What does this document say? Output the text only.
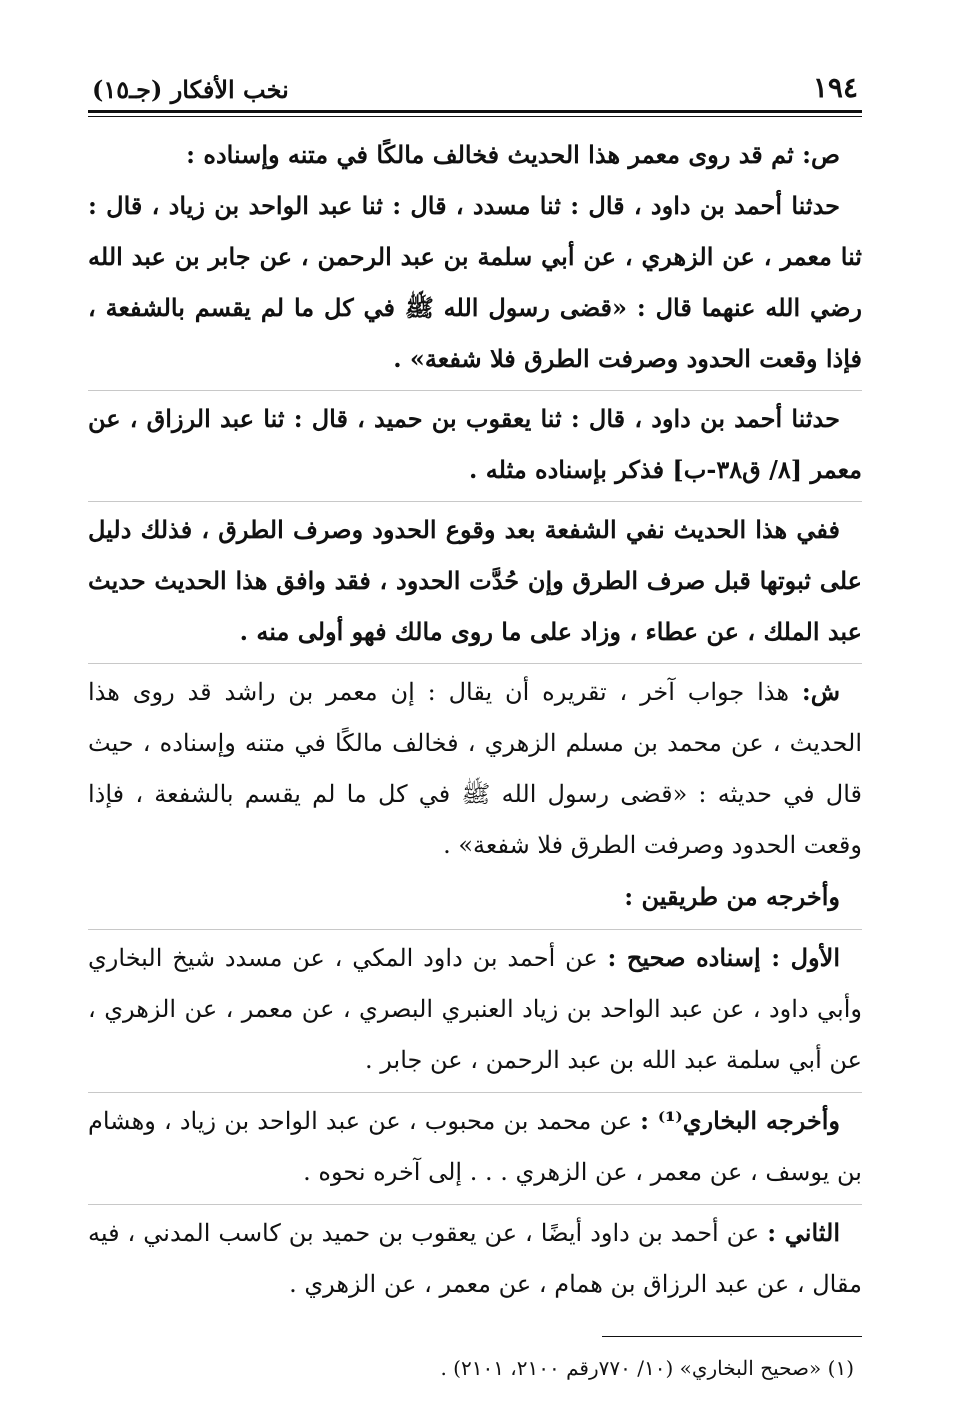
١٩٤
نخب الأفكار (جـ١٥)

ص: ثم قد روى معمر هذا الحديث فخالف مالكًا في متنه وإسناده :

حدثنا أحمد بن داود ، قال : ثنا مسدد ، قال : ثنا عبد الواحد بن زياد ، قال : ثنا معمر ، عن الزهري ، عن أبي سلمة بن عبد الرحمن ، عن جابر بن عبد الله رضي الله عنهما قال : «قضى رسول الله ﷺ في كل ما لم يقسم بالشفعة ، فإذا وقعت الحدود وصرفت الطرق فلا شفعة» .

حدثنا أحمد بن داود ، قال : ثنا يعقوب بن حميد ، قال : ثنا عبد الرزاق ، عن معمر [٨/ ق٣٨-ب] فذكر بإسناده مثله .

ففي هذا الحديث نفي الشفعة بعد وقوع الحدود وصرف الطرق ، فذلك دليل على ثبوتها قبل صرف الطرق وإن حُدَّت الحدود ، فقد وافق هذا الحديث حديث عبد الملك ، عن عطاء ، وزاد على ما روى مالك فهو أولى منه .

ش: هذا جواب آخر ، تقريره أن يقال : إن معمر بن راشد قد روى هذا الحديث ، عن محمد بن مسلم الزهري ، فخالف مالكًا في متنه وإسناده ، حيث قال في حديثه : «قضى رسول الله ﷺ في كل ما لم يقسم بالشفعة ، فإذا وقعت الحدود وصرفت الطرق فلا شفعة» .

وأخرجه من طريقين :

الأول : إسناده صحيح : عن أحمد بن داود المكي ، عن مسدد شيخ البخاري وأبي داود ، عن عبد الواحد بن زياد العنبري البصري ، عن معمر ، عن الزهري ، عن أبي سلمة عبد الله بن عبد الرحمن ، عن جابر .

وأخرجه البخاري⁽¹⁾ : عن محمد بن محبوب ، عن عبد الواحد بن زياد ، وهشام بن يوسف ، عن معمر ، عن الزهري . . . إلى آخره نحوه .

الثاني : عن أحمد بن داود أيضًا ، عن يعقوب بن حميد بن كاسب المدني ، فيه مقال ، عن عبد الرزاق بن همام ، عن معمر ، عن الزهري .

(١) «صحيح البخاري» (١٠/ ٧٧٠رقم ٢١٠٠، ٢١٠١) .
